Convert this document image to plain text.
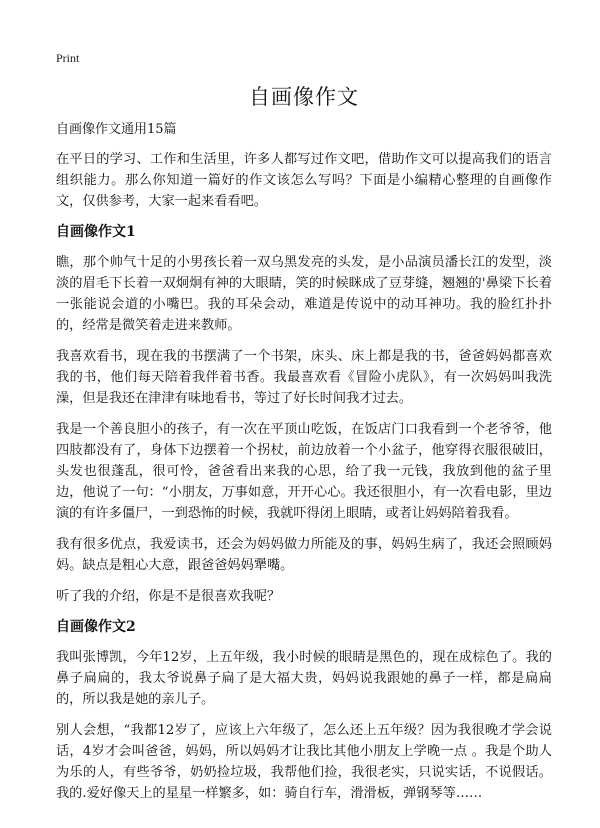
Print
自画像作文
自画像作文通用15篇

在平日的学习、工作和生活里，许多人都写过作文吧，借助作文可以提高我们的语言组织能力。那么你知道一篇好的作文该怎么写吗？下面是小编精心整理的自画像作文，仅供参考，大家一起来看看吧。

自画像作文1

瞧，那个帅气十足的小男孩长着一双乌黑发亮的头发，是小品演员潘长江的发型，淡淡的眉毛下长着一双炯炯有神的大眼睛，笑的时候眯成了豆芽缝，翘翘的'鼻梁下长着一张能说会道的小嘴巴。我的耳朵会动，难道是传说中的动耳神功。我的脸红扑扑的，经常是微笑着走进来教师。

我喜欢看书，现在我的书摆满了一个书架，床头、床上都是我的书，爸爸妈妈都喜欢我的书，他们每天陪着我伴着书香。我最喜欢看《冒险小虎队》，有一次妈妈叫我洗澡，但是我还在津津有味地看书，等过了好长时间我才过去。

我是一个善良胆小的孩子，有一次在平顶山吃饭，在饭店门口我看到一个老爷爷，他四肢都没有了，身体下边摆着一个拐杖，前边放着一个小盆子，他穿得衣服很破旧，头发也很蓬乱，很可怜，爸爸看出来我的心思，给了我一元钱，我放到他的盆子里边，他说了一句：“小朋友，万事如意，开开心心。我还很胆小，有一次看电影，里边演的有许多僵尸，一到恐怖的时候，我就吓得闭上眼睛，或者让妈妈陪着我看。

我有很多优点，我爱读书，还会为妈妈做力所能及的事，妈妈生病了，我还会照顾妈妈。缺点是粗心大意，跟爸爸妈妈犟嘴。

听了我的介绍，你是不是很喜欢我呢？

自画像作文2

我叫张博凯，今年12岁，上五年级，我小时候的眼睛是黑色的，现在成棕色了。我的鼻子扁扁的，我太爷说鼻子扁了是大福大贵，妈妈说我跟她的鼻子一样，都是扁扁的，所以我是她的亲儿子。

别人会想，“我都12岁了，应该上六年级了，怎么还上五年级？因为我很晚才学会说话，4岁才会叫爸爸，妈妈，所以妈妈才让我比其他小朋友上学晚一点 。我是个助人为乐的人，有些爷爷，奶奶捡垃圾，我帮他们捡，我很老实，只说实话，不说假话。我的.爱好像天上的星星一样繁多，如：骑自行车，滑滑板，弹钢琴等……
